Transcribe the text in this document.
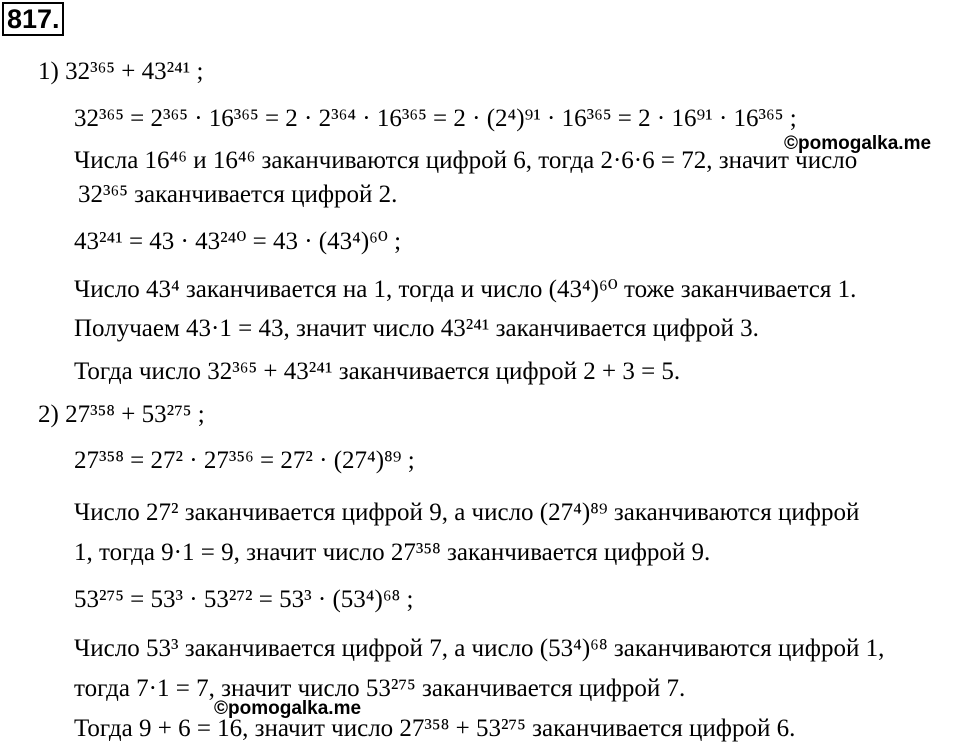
817.
1) 32³⁶⁵ + 43²⁴¹ ;
32³⁶⁵ = 2³⁶⁵ · 16³⁶⁵ = 2 · 2³⁶⁴ · 16³⁶⁵ = 2 · (2⁴)⁹¹ · 16³⁶⁵ = 2 · 16⁹¹ · 16³⁶⁵ ;
©pomogalka.me
Числа 16⁴⁶ и 16⁴⁶ заканчиваются цифрой 6, тогда 2·6·6 = 72, значит число
32³⁶⁵ заканчивается цифрой 2.
43²⁴¹ = 43 · 43²⁴⁰ = 43 · (43⁴)⁶⁰ ;
Число 43⁴ заканчивается на 1, тогда и число (43⁴)⁶⁰ тоже заканчивается 1.
Получаем 43·1 = 43, значит число 43²⁴¹ заканчивается цифрой 3.
Тогда число 32³⁶⁵ + 43²⁴¹ заканчивается цифрой 2 + 3 = 5.
2) 27³⁵⁸ + 53²⁷⁵ ;
27³⁵⁸ = 27² · 27³⁵⁶ = 27² · (27⁴)⁸⁹ ;
Число 27² заканчивается цифрой 9, а число (27⁴)⁸⁹ заканчиваются цифрой
1, тогда 9·1 = 9, значит число 27³⁵⁸ заканчивается цифрой 9.
53²⁷⁵ = 53³ · 53²⁷² = 53³ · (53⁴)⁶⁸ ;
Число 53³ заканчивается цифрой 7, а число (53⁴)⁶⁸ заканчиваются цифрой 1,
тогда 7·1 = 7, значит число 53²⁷⁵ заканчивается цифрой 7.
©pomogalka.me
Тогда 9 + 6 = 16, значит число 27³⁵⁸ + 53²⁷⁵ заканчивается цифрой 6.
